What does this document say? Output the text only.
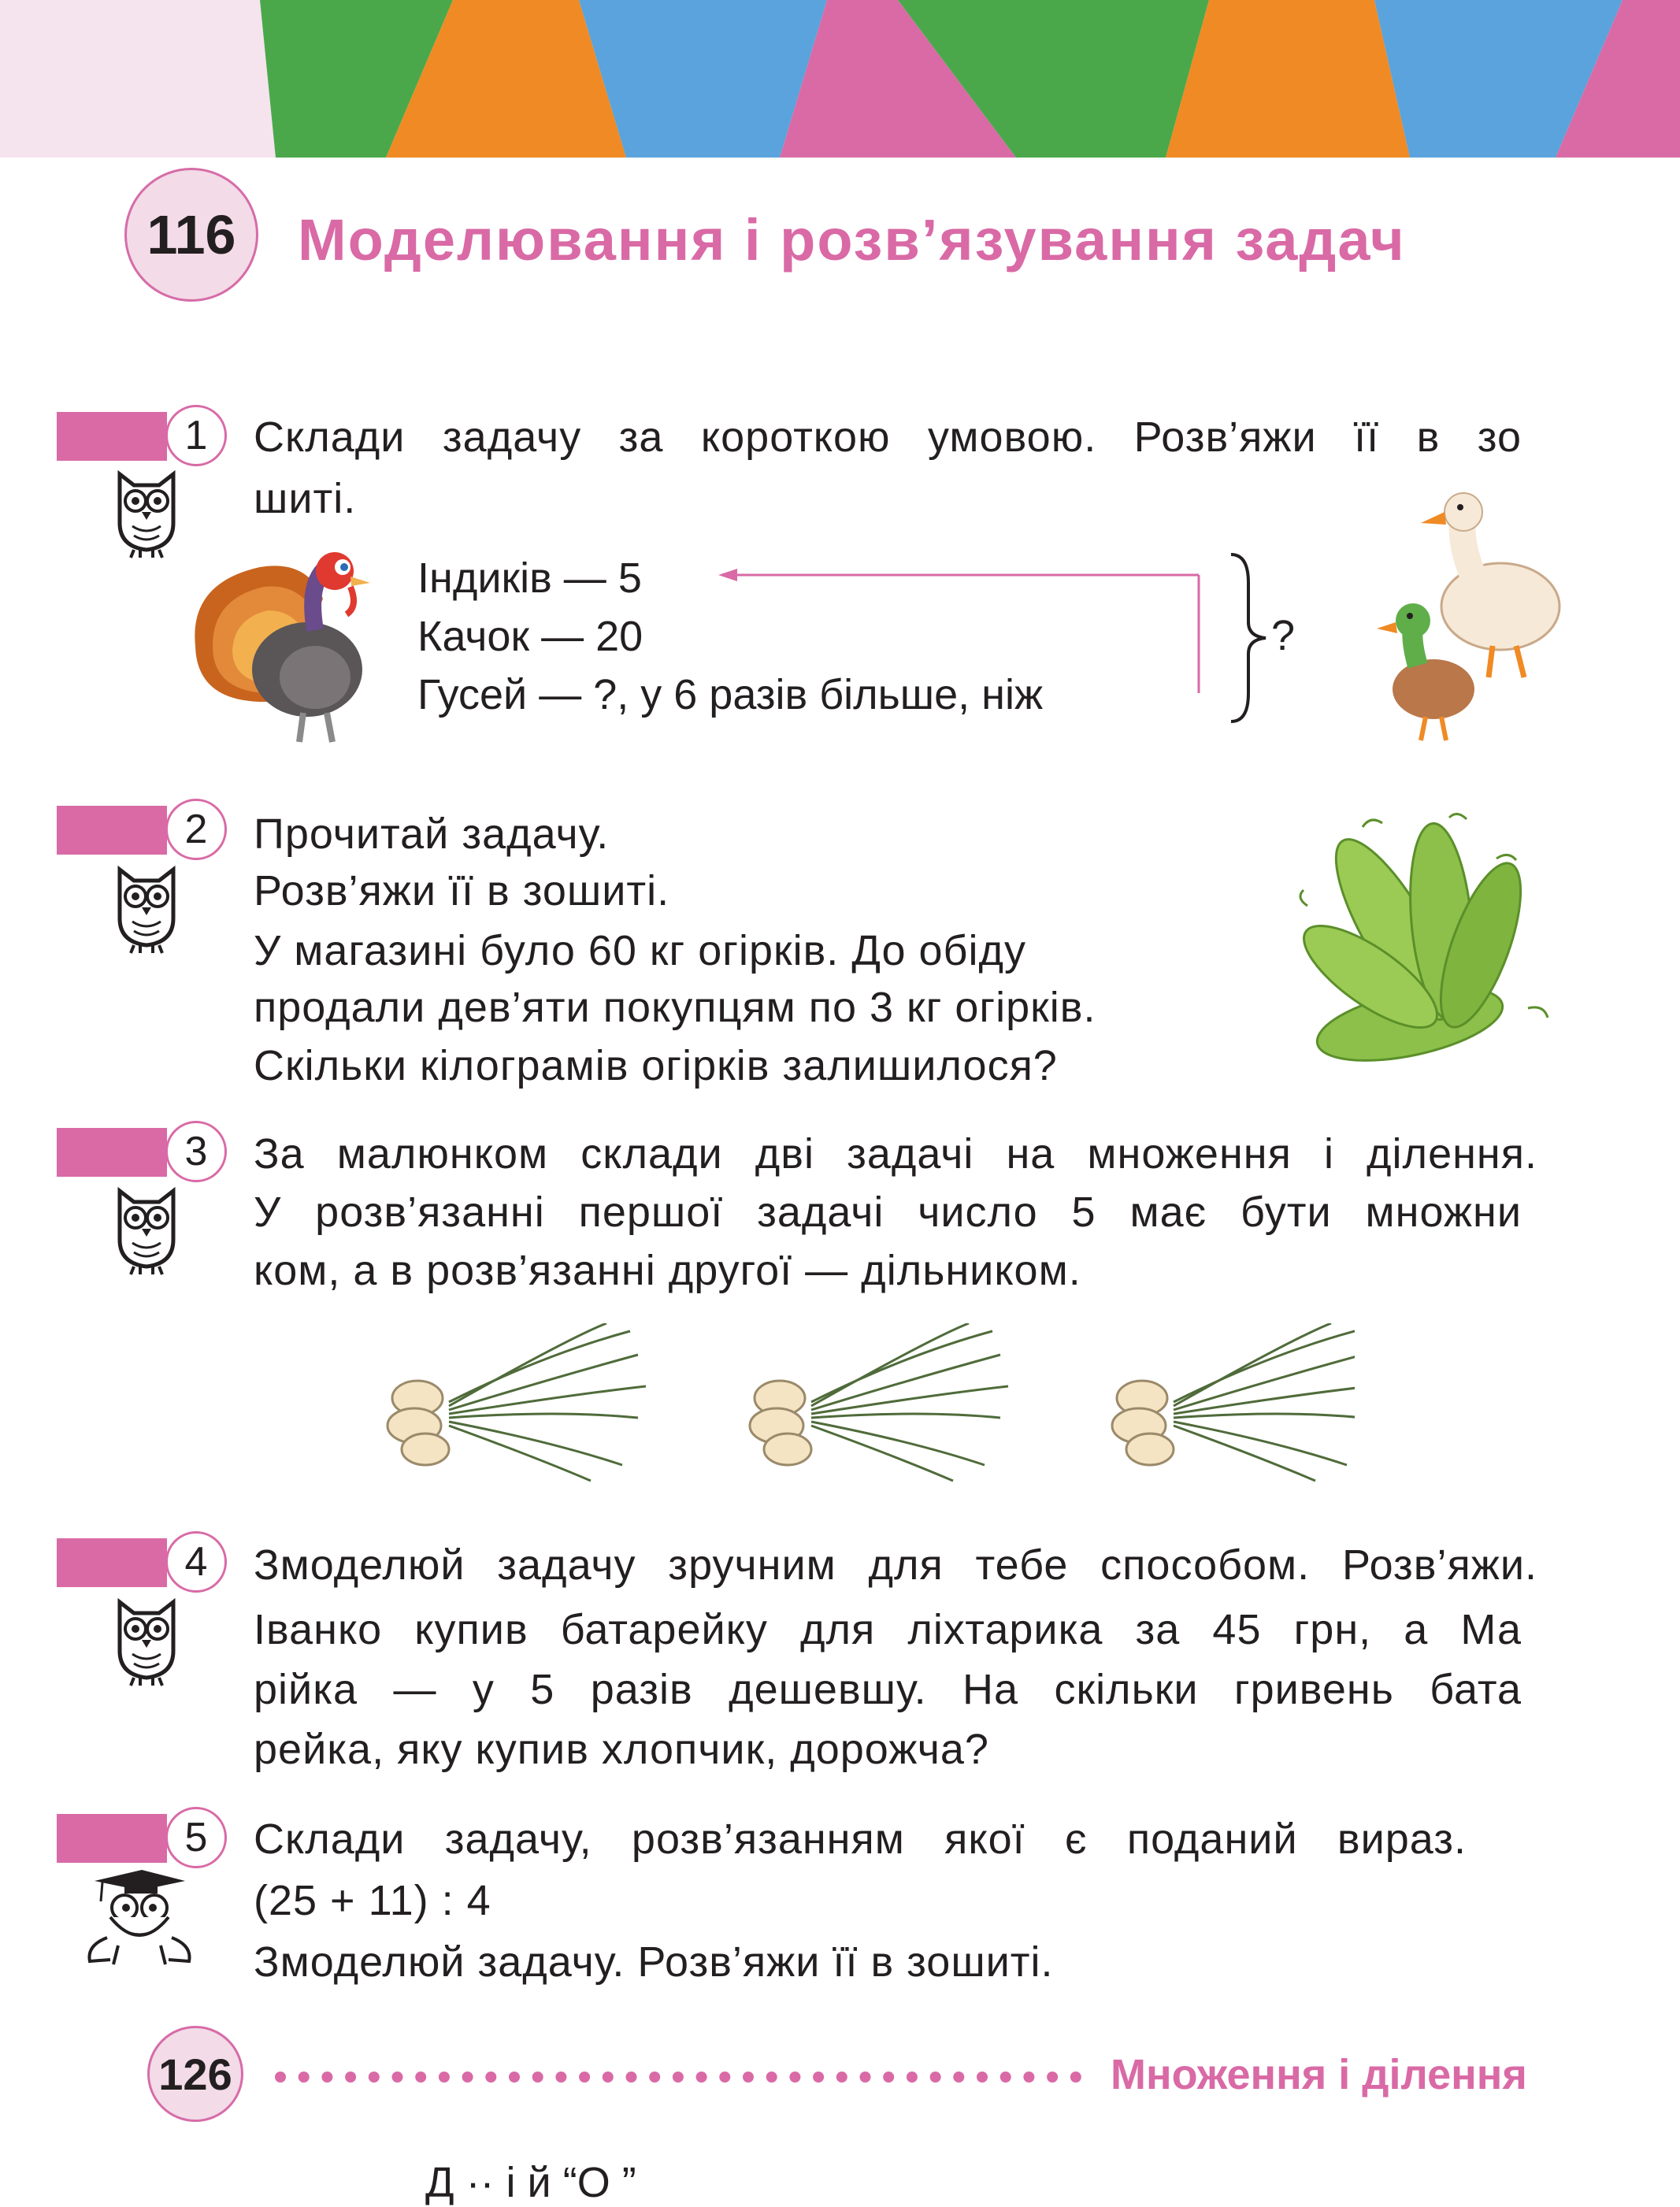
116 Моделювання і розв’язування задач
1 Склади задачу за короткою умовою. Розв’яжи її в зо
шиті.
Індиків — 5
Качок — 20
Гусей — ?, у 6 разів більше, ніж
?
2 Прочитай задачу.
Розв’яжи її в зошиті.
У магазині було 60 кг огірків. До обіду
продали дев’яти покупцям по 3 кг огірків.
Скільки кілограмів огірків залишилося?
3 За малюнком склади дві задачі на множення і ділення.
У розв’язанні першої задачі число 5 має бути множни
ком, а в розв’язанні другої — дільником.
4 Змоделюй задачу зручним для тебе способом. Розв’яжи.
Іванко купив батарейку для ліхтарика за 45 грн, а Ма
рійка — у 5 разів дешевшу. На скільки гривень бата
рейка, яку купив хлопчик, дорожча?
5 Склади задачу, розв’язанням якої є поданий вираз.
(25 + 11) : 4
Змоделюй задачу. Розв’яжи її в зошиті.
126	Множення і ділення
Д ·· і й “О ”
